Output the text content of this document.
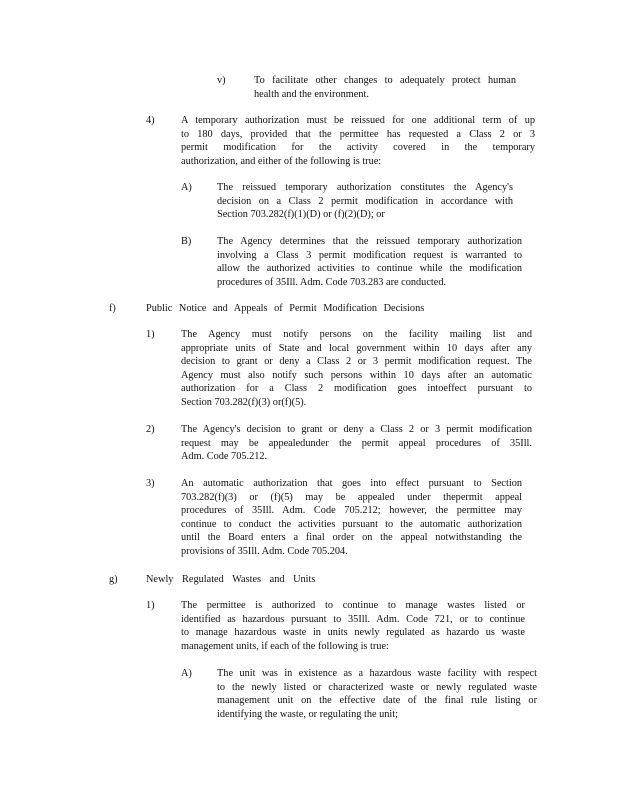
v)	To facilitate other changes to adequately protect human

health and the environment.

4)	A temporary authorization must be reissued for one additional term of up

to 180 days, provided that the permittee has requested a Class 2 or 3

permit modification for the activity covered in the temporary

authorization, and either of the following is true:

A) The reissued temporary authorization constitutes the Agency's

decision on a Class 2 permit modification in accordance with

Section 703.282(f)(1)(D) or (f)(2)(D); or

B) The Agency determines that the reissued temporary authorization

involving a Class 3 permit modification request is warranted to

allow the authorized activities to continue while the modification

procedures of 35Ill. Adm. Code 703.283 are conducted.

f)	Public Notice and Appeals of Permit Modification Decisions
1)	The Agency must notify persons on the facility mailing list and

appropriate units of State and local government within 10 days after any

decision to grant or deny a Class 2 or 3 permit modification request. The

Agency must also notify such persons within 10 days after an automatic

authorization for a Class 2 modification goes intoeffect pursuant to

Section 703.282(f)(3) or(f)(5).

2)	The Agency's decision to grant or deny a Class 2 or 3 permit modification

request may be appealedunder the permit appeal procedures of 35Ill.

Adm. Code 705.212.

3)	An automatic authorization that goes into effect pursuant to Section

703.282(f)(3) or (f)(5) may be appealed under thepermit appeal

procedures of 35Ill. Adm. Code 705.212; however, the permittee may

continue to conduct the activities pursuant to the automatic authorization

until the Board enters a final order on the appeal notwithstanding the

provisions of 35Ill. Adm. Code 705.204.

g)	Newly Regulated Wastes and Units
1)	The permittee is authorized to continue to manage wastes listed or

identified as hazardous pursuant to 35Ill. Adm. Code 721, or to continue

to manage hazardous waste in units newly regulated as hazardo us waste

management units, if each of the following is true:

A) The unit was in existence as a hazardous waste facility with respect

to the newly listed or characterized waste or newly regulated waste

management unit on the effective date of the final rule listing or

identifying the waste, or regulating the unit;
